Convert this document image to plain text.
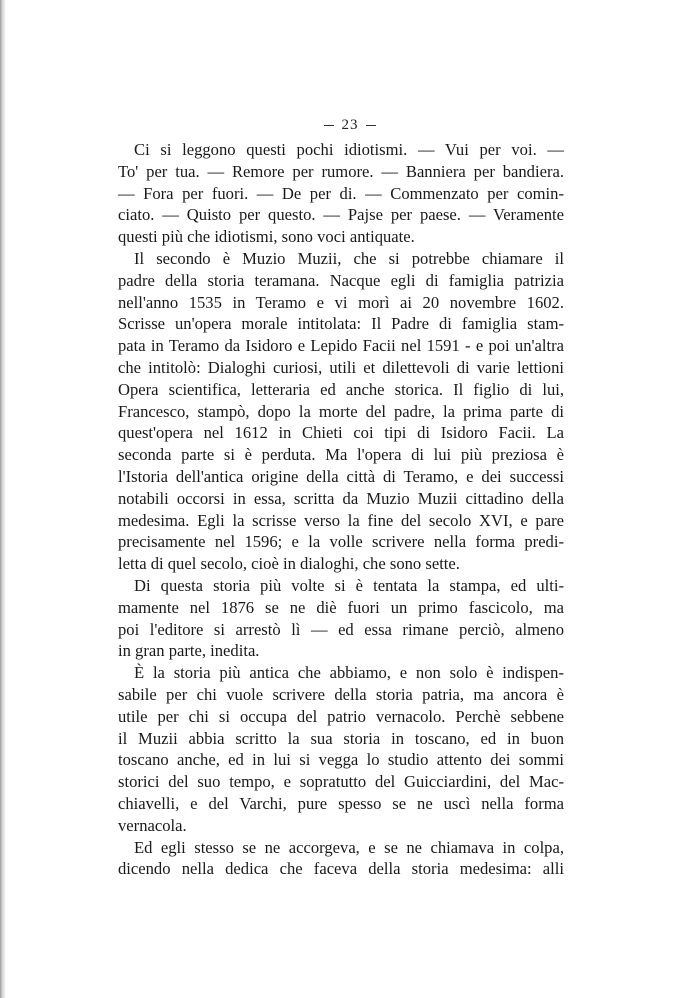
23
Ci si leggono questi pochi idiotismi. — Vui per voi. —
To' per tua. — Remore per rumore. — Banniera per bandiera.
— Fora per fuori. — De per di. — Commenzato per comin-
ciato. — Quisto per questo. — Pajse per paese. — Veramente
questi più che idiotismi, sono voci antiquate.
Il secondo è Muzio Muzii, che si potrebbe chiamare il
padre della storia teramana. Nacque egli di famiglia patrizia
nell'anno 1535 in Teramo e vi morì ai 20 novembre 1602.
Scrisse un'opera morale intitolata: Il Padre di famiglia stam-
pata in Teramo da Isidoro e Lepido Facii nel 1591 - e poi un'altra
che intitolò: Dialoghi curiosi, utili et dilettevoli di varie lettioni
Opera scientifica, letteraria ed anche storica. Il figlio di lui,
Francesco, stampò, dopo la morte del padre, la prima parte di
quest'opera nel 1612 in Chieti coi tipi di Isidoro Facii. La
seconda parte si è perduta. Ma l'opera di lui più preziosa è
l'Istoria dell'antica origine della città di Teramo, e dei successi
notabili occorsi in essa, scritta da Muzio Muzii cittadino della
medesima. Egli la scrisse verso la fine del secolo XVI, e pare
precisamente nel 1596; e la volle scrivere nella forma predi-
letta di quel secolo, cioè in dialoghi, che sono sette.
Di questa storia più volte si è tentata la stampa, ed ulti-
mamente nel 1876 se ne diè fuori un primo fascicolo, ma
poi l'editore si arrestò lì — ed essa rimane perciò, almeno
in gran parte, inedita.
È la storia più antica che abbiamo, e non solo è indispen-
sabile per chi vuole scrivere della storia patria, ma ancora è
utile per chi si occupa del patrio vernacolo. Perchè sebbene
il Muzii abbia scritto la sua storia in toscano, ed in buon
toscano anche, ed in lui si vegga lo studio attento dei sommi
storici del suo tempo, e sopratutto del Guicciardini, del Mac-
chiavelli, e del Varchi, pure spesso se ne uscì nella forma
vernacola.
Ed egli stesso se ne accorgeva, e se ne chiamava in colpa,
dicendo nella dedica che faceva della storia medesima: alli
